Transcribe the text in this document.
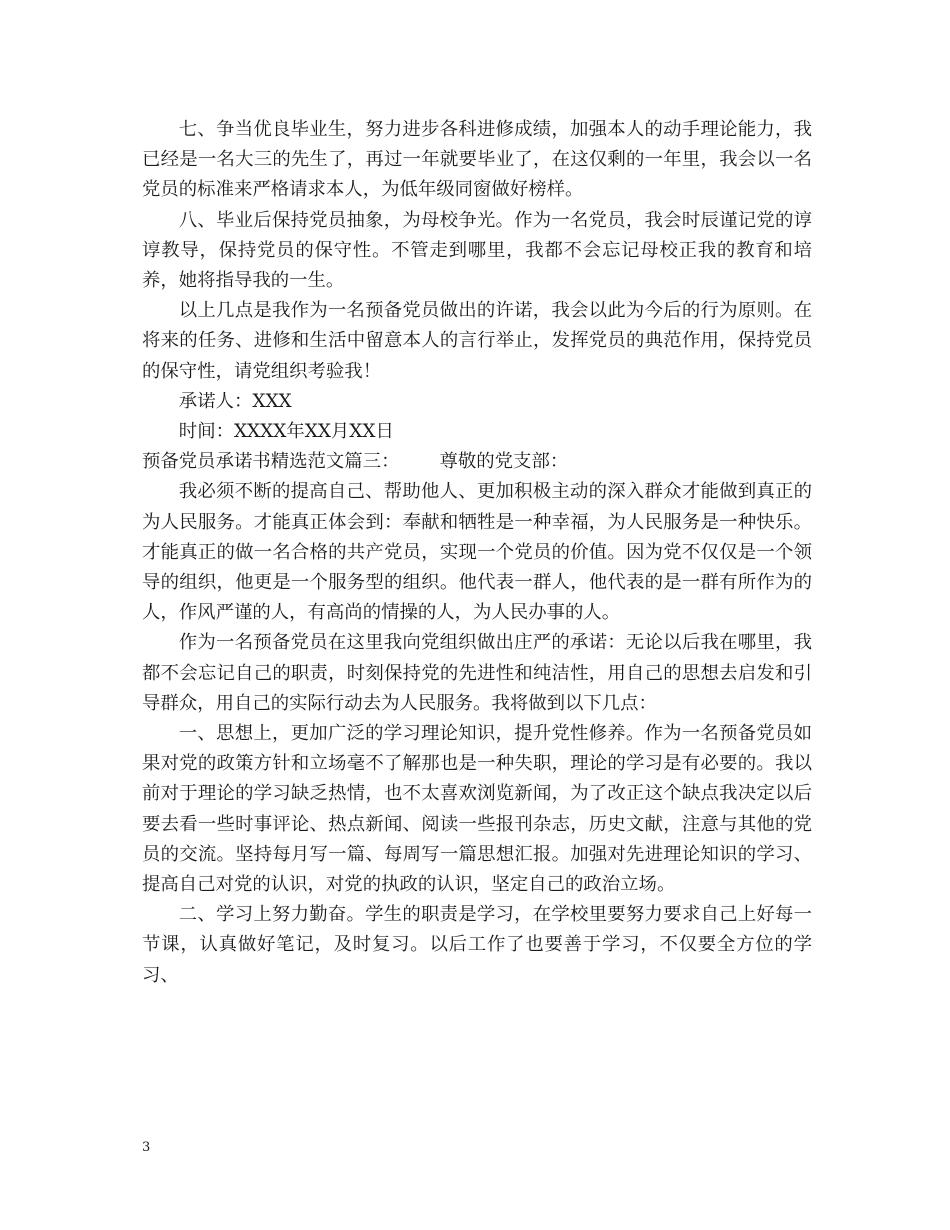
七、争当优良毕业生，努力进步各科进修成绩，加强本人的动手理论能力，我已经是一名大三的先生了，再过一年就要毕业了，在这仅剩的一年里，我会以一名党员的标准来严格请求本人，为低年级同窗做好榜样。

八、毕业后保持党员抽象，为母校争光。作为一名党员，我会时辰谨记党的谆谆教导，保持党员的保守性。不管走到哪里，我都不会忘记母校正我的教育和培养，她将指导我的一生。

以上几点是我作为一名预备党员做出的许诺，我会以此为今后的行为原则。在将来的任务、进修和生活中留意本人的言行举止，发挥党员的典范作用，保持党员的保守性，请党组织考验我！

承诺人：XXX

时间：XXXX年XX月XX日

预备党员承诺书精选范文篇三： 尊敬的党支部：

我必须不断的提高自己、帮助他人、更加积极主动的深入群众才能做到真正的为人民服务。才能真正体会到：奉献和牺牲是一种幸福，为人民服务是一种快乐。才能真正的做一名合格的共产党员，实现一个党员的价值。因为党不仅仅是一个领导的组织，他更是一个服务型的组织。他代表一群人，他代表的是一群有所作为的人，作风严谨的人，有高尚的情操的人，为人民办事的人。

作为一名预备党员在这里我向党组织做出庄严的承诺：无论以后我在哪里，我都不会忘记自己的职责，时刻保持党的先进性和纯洁性，用自己的思想去启发和引导群众，用自己的实际行动去为人民服务。我将做到以下几点：

一、思想上，更加广泛的学习理论知识，提升党性修养。作为一名预备党员如果对党的政策方针和立场毫不了解那也是一种失职，理论的学习是有必要的。我以前对于理论的学习缺乏热情，也不太喜欢浏览新闻，为了改正这个缺点我决定以后要去看一些时事评论、热点新闻、阅读一些报刊杂志，历史文献，注意与其他的党员的交流。坚持每月写一篇、每周写一篇思想汇报。加强对先进理论知识的学习、提高自己对党的认识，对党的执政的认识，坚定自己的政治立场。

二、学习上努力勤奋。学生的职责是学习，在学校里要努力要求自己上好每一节课，认真做好笔记，及时复习。以后工作了也要善于学习，不仅要全方位的学习、

3
